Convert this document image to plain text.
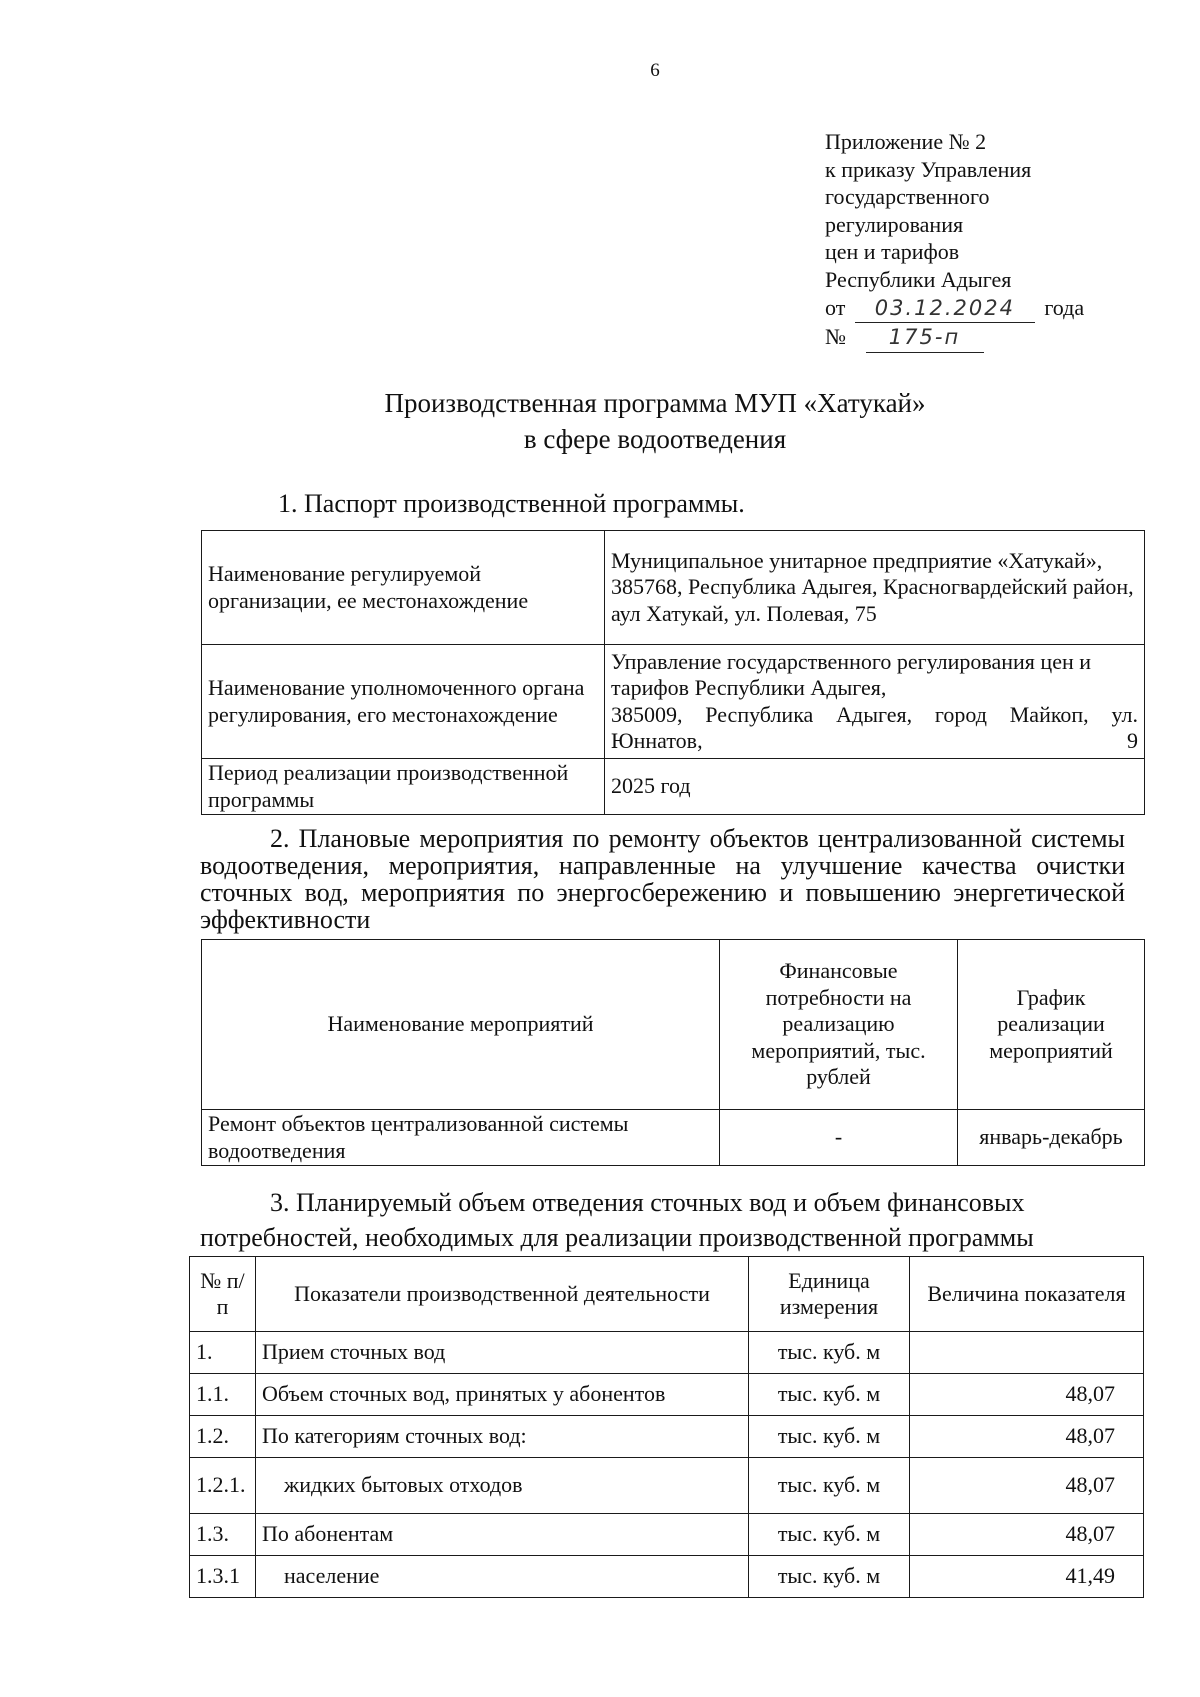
6
Приложение № 2
к приказу Управления
государственного
регулирования
цен и тарифов
Республики Адыгея
от 03.12.2024 года
№ 175-п
Производственная программа МУП «Хатукай»
в сфере водоотведения
1. Паспорт производственной программы.
Наименование регулируемой организации, ее местонахождение	Муниципальное унитарное предприятие «Хатукай»,
385768, Республика Адыгея, Красногвардейский район, аул Хатукай, ул. Полевая, 75

Наименование уполномоченного органа регулирования, его местонахождение	Управление государственного регулирования цен и тарифов Республики Адыгея,
385009, Республика Адыгея, город Майкоп, ул. Юннатов, 9

Период реализации производственной программы	2025 год
2. Плановые мероприятия по ремонту объектов централизованной системы водоотведения, мероприятия, направленные на улучшение качества очистки сточных вод, мероприятия по энергосбережению и повышению энергетической эффективности
Наименование мероприятий	Финансовые потребности на реализацию мероприятий, тыс. рублей	График реализации мероприятий
Ремонт объектов централизованной системы водоотведения	-	январь-декабрь
3. Планируемый объем отведения сточных вод и объем финансовых потребностей, необходимых для реализации производственной программы
№ п/п	Показатели производственной деятельности	Единица измерения	Величина показателя
1.	Прием сточных вод	тыс. куб. м	
1.1.	Объем сточных вод, принятых у абонентов	тыс. куб. м	48,07
1.2.	По категориям сточных вод:	тыс. куб. м	48,07
1.2.1.	жидких бытовых отходов	тыс. куб. м	48,07
1.3.	По абонентам	тыс. куб. м	48,07
1.3.1	население	тыс. куб. м	41,49
